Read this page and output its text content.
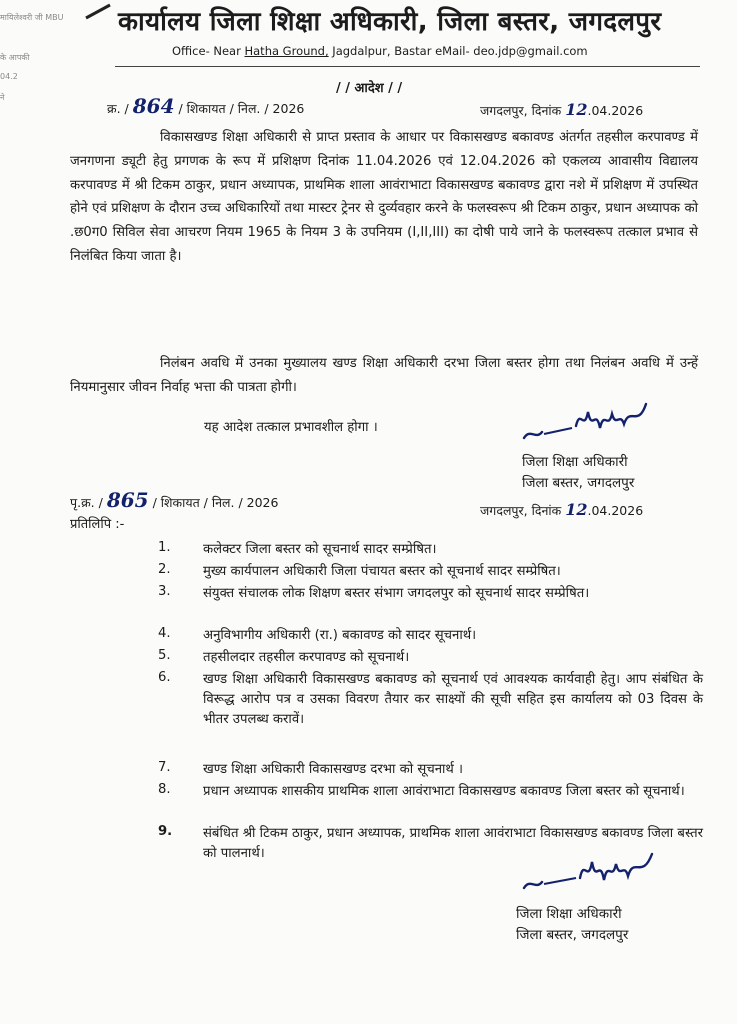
मायिलेश्वरी जी MBU
के आपकी
04.2
ने
कार्यालय जिला शिक्षा अधिकारी, जिला बस्तर, जगदलपुर
Office- Near Hatha Ground, Jagdalpur, Bastar eMail- deo.jdp@gmail.com
/ / आदेश / /
क्र. / 864 / शिकायत / निल. / 2026	जगदलपुर, दिनांक 12.04.2026
विकासखण्ड शिक्षा अधिकारी से प्राप्त प्रस्ताव के आधार पर विकासखण्ड बकावण्ड अंतर्गत तहसील करपावण्ड में जनगणना ड्यूटी हेतु प्रगणक के रूप में प्रशिक्षण दिनांक 11.04.2026 एवं 12.04.2026 को एकलव्य आवासीय विद्यालय करपावण्ड में श्री टिकम ठाकुर, प्रधान अध्यापक, प्राथमिक शाला आवंराभाटा विकासखण्ड बकावण्ड द्वारा नशे में प्रशिक्षण में उपस्थित होने एवं प्रशिक्षण के दौरान उच्च अधिकारियों तथा मास्टर ट्रेनर से दुर्व्यवहार करने के फलस्वरूप श्री टिकम ठाकुर, प्रधान अध्यापक को .छ0ग0 सिविल सेवा आचरण नियम 1965 के नियम 3 के उपनियम (I,II,III) का दोषी पाये जाने के फलस्वरूप तत्काल प्रभाव से निलंबित किया जाता है।
निलंबन अवधि में उनका मुख्यालय खण्ड शिक्षा अधिकारी दरभा जिला बस्तर होगा तथा निलंबन अवधि में उन्हें नियमानुसार जीवन निर्वाह भत्ता की पात्रता होगी।
यह आदेश तत्काल प्रभावशील होगा ।
जिला शिक्षा अधिकारी
जिला बस्तर, जगदलपुर
पृ.क्र. / 865 / शिकायत / निल. / 2026
जगदलपुर, दिनांक 12.04.2026
प्रतिलिपि :-
1. कलेक्टर जिला बस्तर को सूचनार्थ सादर सम्प्रेषित।
2. मुख्य कार्यपालन अधिकारी जिला पंचायत बस्तर को सूचनार्थ सादर सम्प्रेषित।
3. संयुक्त संचालक लोक शिक्षण बस्तर संभाग जगदलपुर को सूचनार्थ सादर सम्प्रेषित।
4. अनुविभागीय अधिकारी (रा.) बकावण्ड को सादर सूचनार्थ।
5. तहसीलदार तहसील करपावण्ड को सूचनार्थ।
6. खण्ड शिक्षा अधिकारी विकासखण्ड बकावण्ड को सूचनार्थ एवं आवश्यक कार्यवाही हेतु। आप संबंधित के विरूद्ध आरोप पत्र व उसका विवरण तैयार कर साक्ष्यों की सूची सहित इस कार्यालय को 03 दिवस के भीतर उपलब्ध करावें।
7. खण्ड शिक्षा अधिकारी विकासखण्ड दरभा को सूचनार्थ ।
8. प्रधान अध्यापक शासकीय प्राथमिक शाला आवंराभाटा विकासखण्ड बकावण्ड जिला बस्तर को सूचनार्थ।
9. संबंधित श्री टिकम ठाकुर, प्रधान अध्यापक, प्राथमिक शाला आवंराभाटा विकासखण्ड बकावण्ड जिला बस्तर को पालनार्थ।
जिला शिक्षा अधिकारी
जिला बस्तर, जगदलपुर
